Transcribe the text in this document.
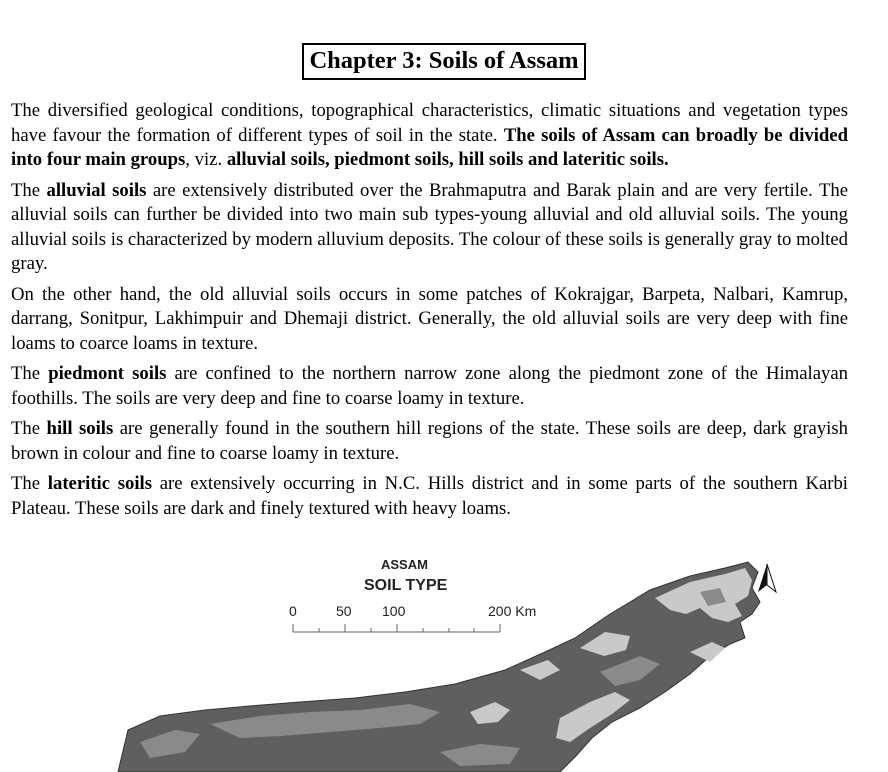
Chapter 3: Soils of Assam

The diversified geological conditions, topographical characteristics, climatic situations and vegetation types have favour the formation of different types of soil in the state. The soils of Assam can broadly be divided into four main groups, viz. alluvial soils, piedmont soils, hill soils and lateritic soils.

The alluvial soils are extensively distributed over the Brahmaputra and Barak plain and are very fertile. The alluvial soils can further be divided into two main sub types-young alluvial and old alluvial soils. The young alluvial soils is characterized by modern alluvium deposits. The colour of these soils is generally gray to molted gray.

On the other hand, the old alluvial soils occurs in some patches of Kokrajgar, Barpeta, Nalbari, Kamrup, darrang, Sonitpur, Lakhimpuir and Dhemaji district. Generally, the old alluvial soils are very deep with fine loams to coarce loams in texture.

The piedmont soils are confined to the northern narrow zone along the piedmont zone of the Himalayan foothills. The soils are very deep and fine to coarse loamy in texture.

The hill soils are generally found in the southern hill regions of the state. These soils are deep, dark grayish brown in colour and fine to coarse loamy in texture.

The lateritic soils are extensively occurring in N.C. Hills district and in some parts of the southern Karbi Plateau. These soils are dark and finely textured with heavy loams.

ASSAM
SOIL TYPE
0	50 100	200 Km
